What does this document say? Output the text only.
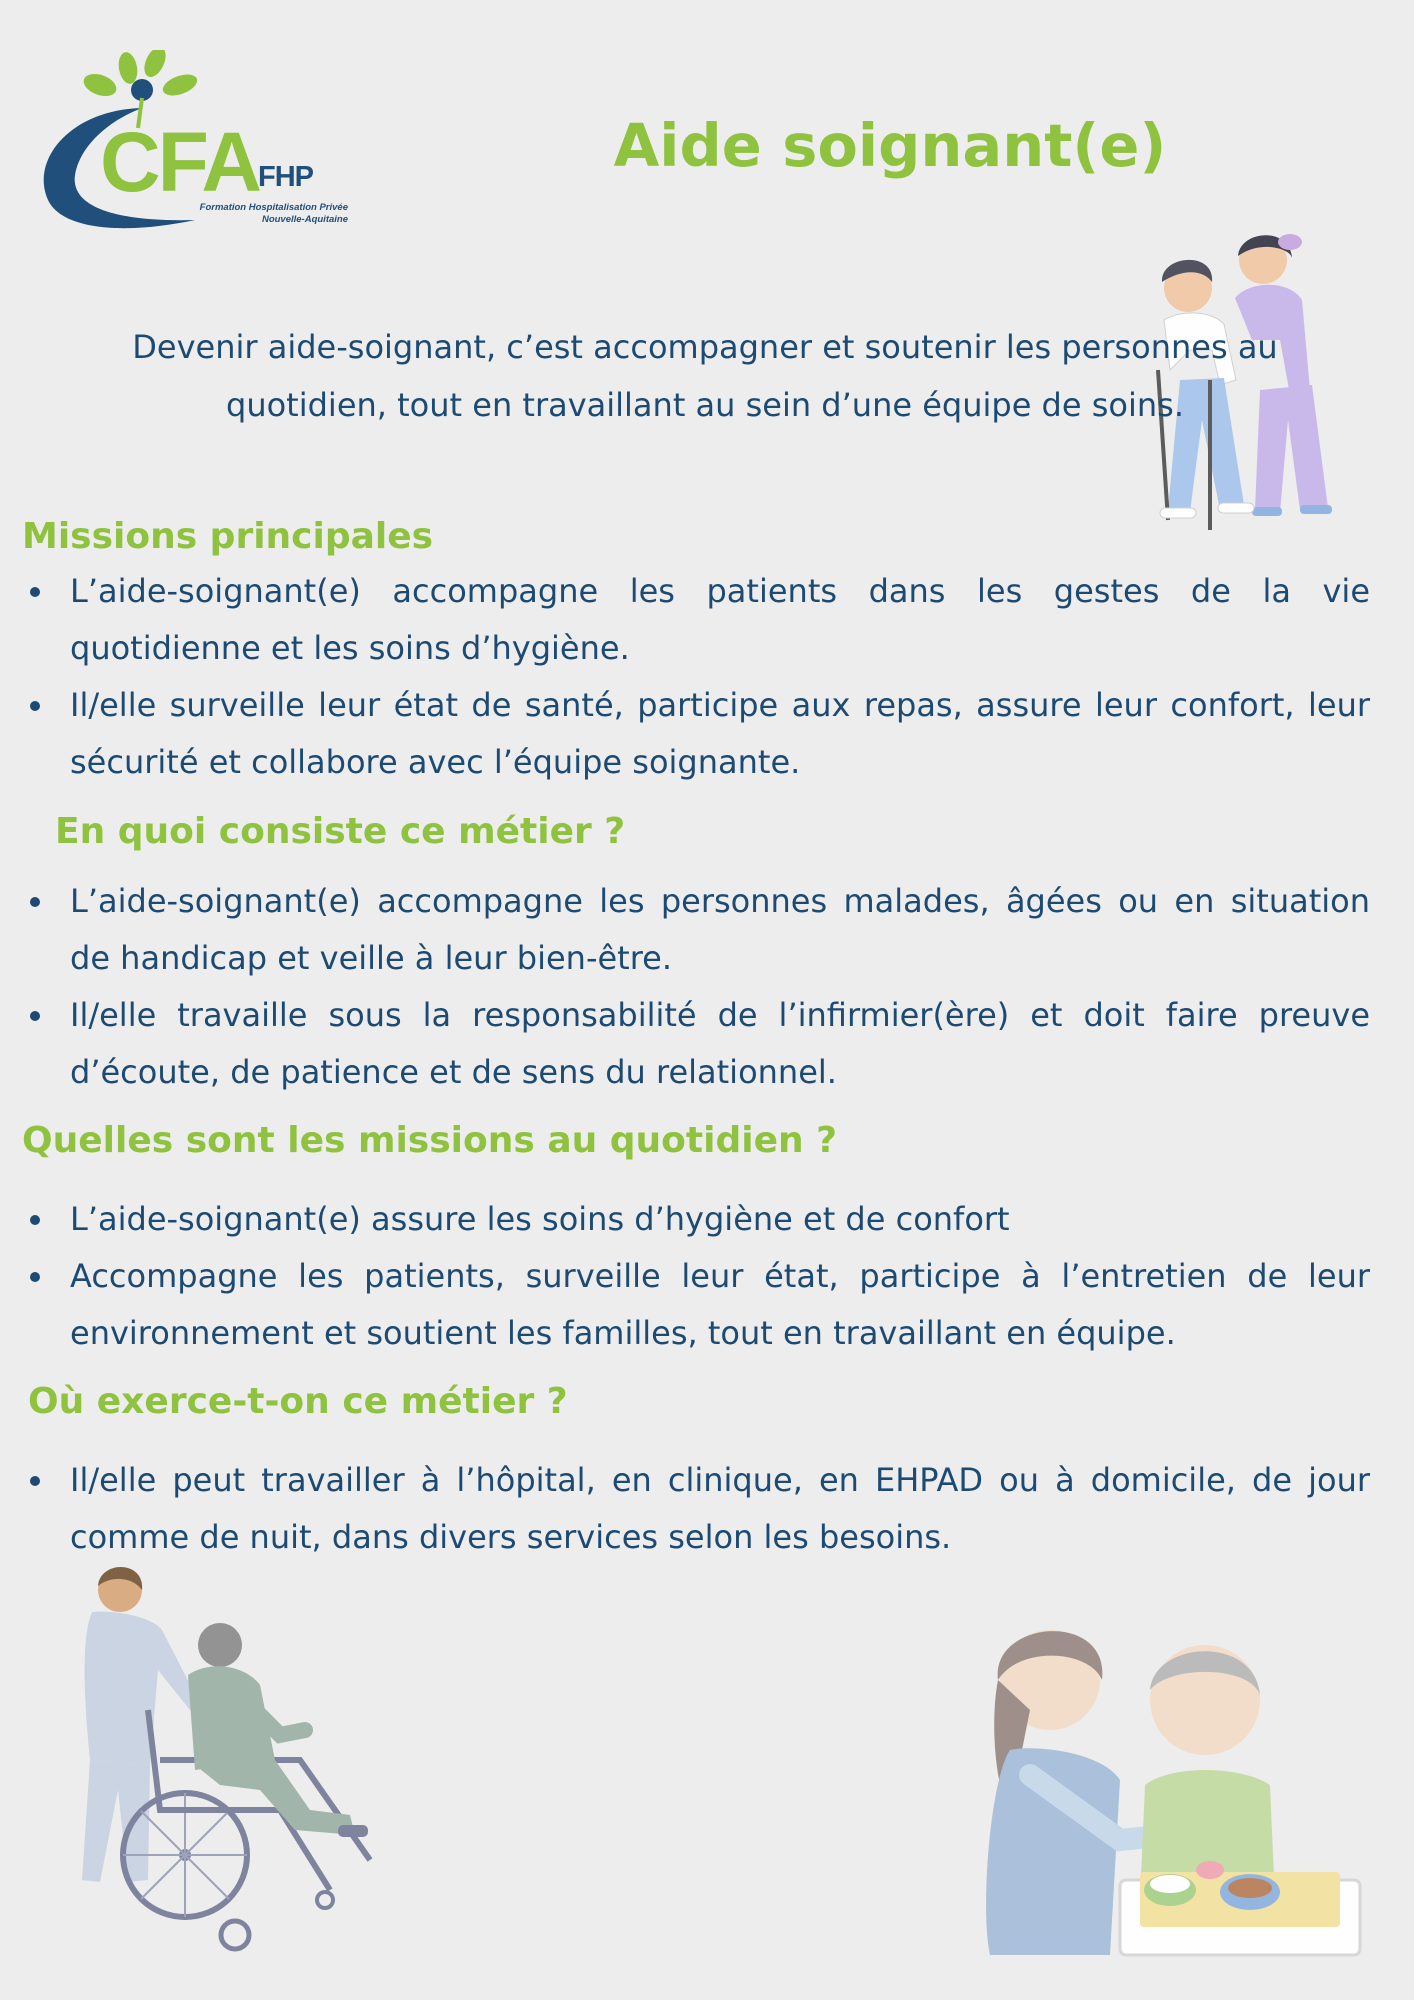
CFA FHP
Formation Hospitalisation Privée
Nouvelle-Aquitaine
Aide soignant(e)

Devenir aide-soignant, c’est accompagner et soutenir les personnes au quotidien, tout en travaillant au sein d’une équipe de soins.

Missions principales
L’aide-soignant(e) accompagne les patients dans les gestes de la vie quotidienne et les soins d’hygiène.
Il/elle surveille leur état de santé, participe aux repas, assure leur confort, leur sécurité et collabore avec l’équipe soignante.
En quoi consiste ce métier ?
L’aide-soignant(e) accompagne les personnes malades, âgées ou en situation de handicap et veille à leur bien-être.
Il/elle travaille sous la responsabilité de l’infirmier(ère) et doit faire preuve d’écoute, de patience et de sens du relationnel.
Quelles sont les missions au quotidien ?
L’aide-soignant(e) assure les soins d’hygiène et de confort
Accompagne les patients, surveille leur état, participe à l’entretien de leur environnement et soutient les familles, tout en travaillant en équipe.
Où exerce-t-on ce métier ?
Il/elle peut travailler à l’hôpital, en clinique, en EHPAD ou à domicile, de jour comme de nuit, dans divers services selon les besoins.
